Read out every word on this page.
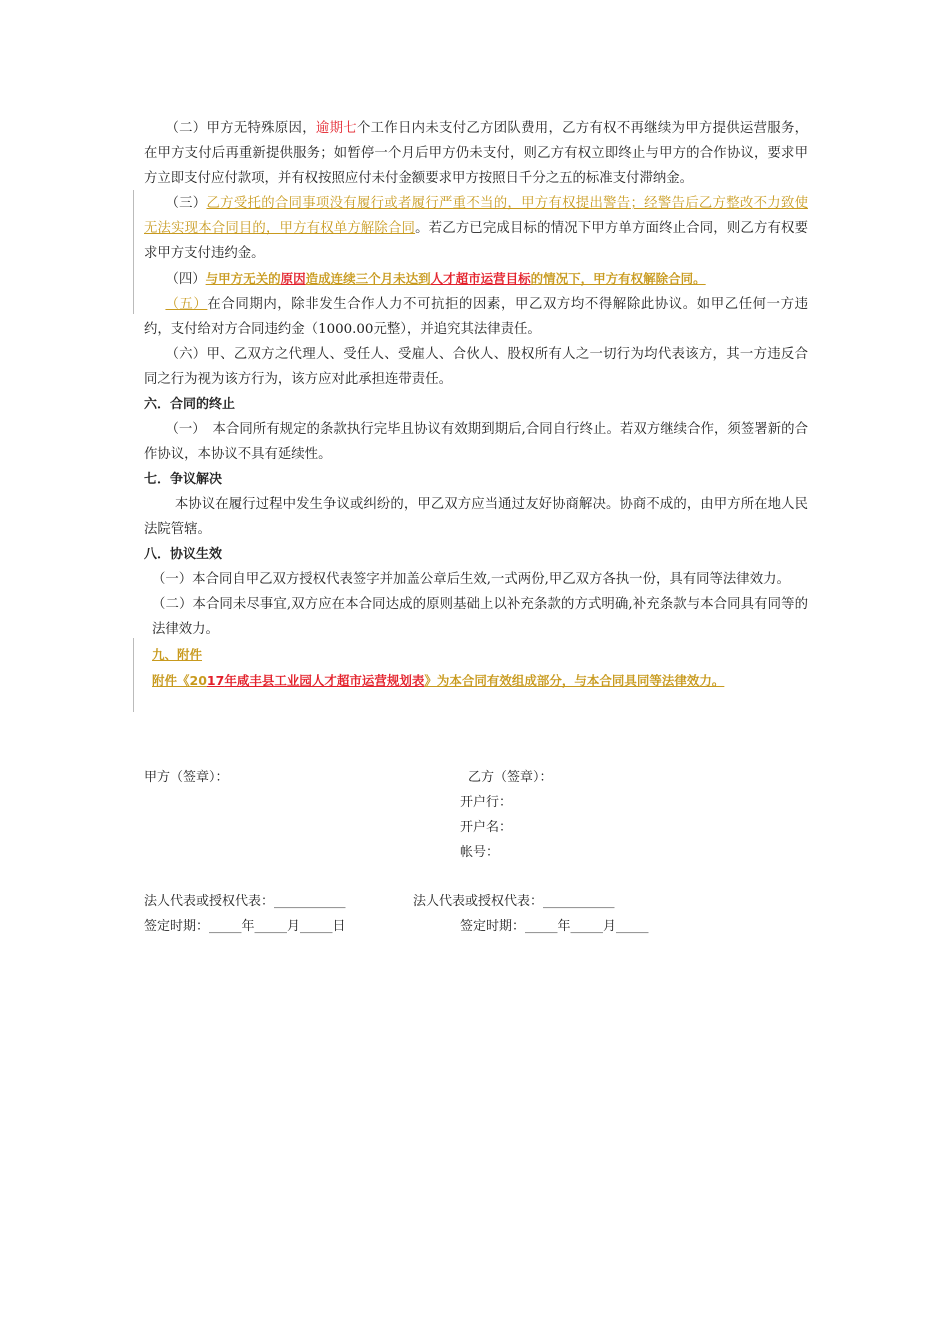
（二）甲方无特殊原因，逾期七个工作日内未支付乙方团队费用，乙方有权不再继续为甲方提供运营服务，在甲方支付后再重新提供服务；如暂停一个月后甲方仍未支付，则乙方有权立即终止与甲方的合作协议，要求甲方立即支付应付款项，并有权按照应付未付金额要求甲方按照日千分之五的标准支付滞纳金。

（三）乙方受托的合同事项没有履行或者履行严重不当的，甲方有权提出警告；经警告后乙方整改不力致使无法实现本合同目的，甲方有权单方解除合同。若乙方已完成目标的情况下甲方单方面终止合同，则乙方有权要求甲方支付违约金。

（四）与甲方无关的原因造成连续三个月未达到人才超市运营目标的情况下，甲方有权解除合同。

（五）在合同期内，除非发生合作人力不可抗拒的因素，甲乙双方均不得解除此协议。如甲乙任何一方违约，支付给对方合同违约金（1000.00元整），并追究其法律责任。

（六）甲、乙双方之代理人、受任人、受雇人、合伙人、股权所有人之一切行为均代表该方，其一方违反合同之行为视为该方行为，该方应对此承担连带责任。

六．合同的终止

（一）　本合同所有规定的条款执行完毕且协议有效期到期后,合同自行终止。若双方继续合作，须签署新的合作协议，本协议不具有延续性。

七．争议解决

本协议在履行过程中发生争议或纠纷的，甲乙双方应当通过友好协商解决。协商不成的，由甲方所在地人民法院管辖。

八．协议生效

（一）本合同自甲乙双方授权代表签字并加盖公章后生效,一式两份,甲乙双方各执一份，具有同等法律效力。

（二）本合同未尽事宜,双方应在本合同达成的原则基础上以补充条款的方式明确,补充条款与本合同具有同等的法律效力。

九、附件

附件《2017年咸丰县工业园人才超市运营规划表》为本合同有效组成部分，与本合同具同等法律效力。

甲方（签章）：	乙方（签章）：
开户行：
开户名：
帐号：
法人代表或授权代表：___________	法人代表或授权代表：___________
签定时期：_____年_____月_____日	签定时期：_____年_____月_____
